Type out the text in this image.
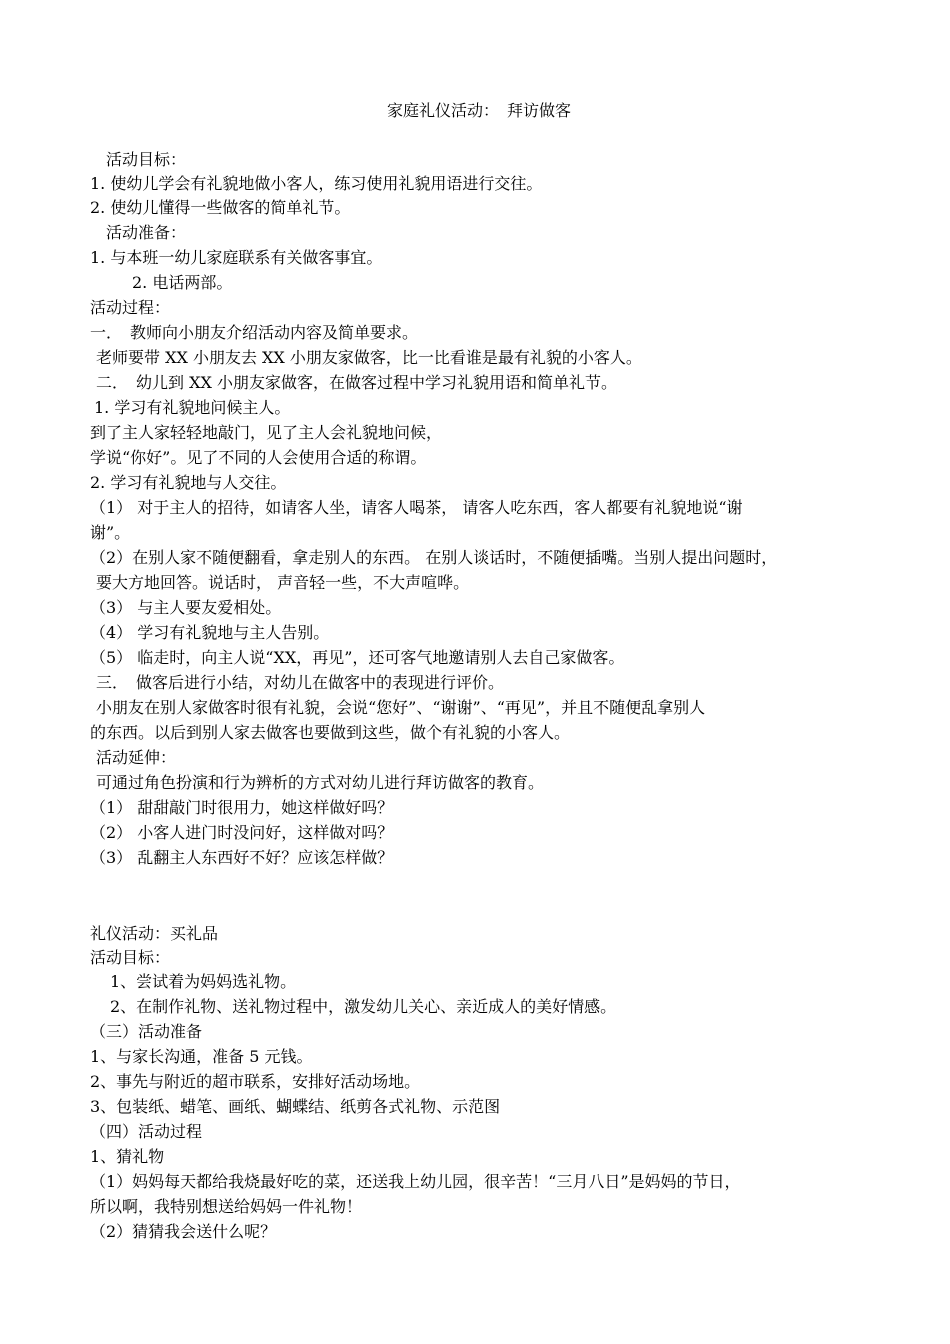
家庭礼仪活动：　拜访做客
活动目标：
1. 使幼儿学会有礼貌地做小客人，练习使用礼貌用语进行交往。
2. 使幼儿懂得一些做客的简单礼节。
活动准备：
1. 与本班一幼儿家庭联系有关做客事宜。
2. 电话两部。
活动过程：
一．　教师向小朋友介绍活动内容及简单要求。
老师要带 XX 小朋友去 XX 小朋友家做客，比一比看谁是最有礼貌的小客人。
二．　幼儿到 XX 小朋友家做客，在做客过程中学习礼貌用语和简单礼节。
1. 学习有礼貌地问候主人。
到了主人家轻轻地敲门，见了主人会礼貌地问候，
学说“你好”。见了不同的人会使用合适的称谓。
2. 学习有礼貌地与人交往。
（1） 对于主人的招待，如请客人坐，请客人喝茶， 请客人吃东西，客人都要有礼貌地说“谢
谢”。
（2）在别人家不随便翻看，拿走别人的东西。 在别人谈话时，不随便插嘴。当别人提出问题时，
要大方地回答。说话时， 声音轻一些，不大声喧哗。
（3） 与主人要友爱相处。
（4） 学习有礼貌地与主人告别。
（5） 临走时，向主人说“XX，再见”，还可客气地邀请别人去自己家做客。
三．　做客后进行小结，对幼儿在做客中的表现进行评价。
小朋友在别人家做客时很有礼貌，会说“您好”、“谢谢”、“再见”，并且不随便乱拿别人
的东西。以后到别人家去做客也要做到这些，做个有礼貌的小客人。
活动延伸：
可通过角色扮演和行为辨析的方式对幼儿进行拜访做客的教育。
（1） 甜甜敲门时很用力，她这样做好吗？
（2） 小客人进门时没问好，这样做对吗？
（3） 乱翻主人东西好不好？应该怎样做？
礼仪活动：买礼品
活动目标：
1、尝试着为妈妈选礼物。
2、在制作礼物、送礼物过程中，激发幼儿关心、亲近成人的美好情感。
（三）活动准备
1、与家长沟通，准备 5 元钱。
2、事先与附近的超市联系，安排好活动场地。
3、包装纸、蜡笔、画纸、蝴蝶结、纸剪各式礼物、示范图
（四）活动过程
1、猜礼物
（1）妈妈每天都给我烧最好吃的菜，还送我上幼儿园，很辛苦！“三月八日”是妈妈的节日，
所以啊，我特别想送给妈妈一件礼物！
（2）猜猜我会送什么呢？
